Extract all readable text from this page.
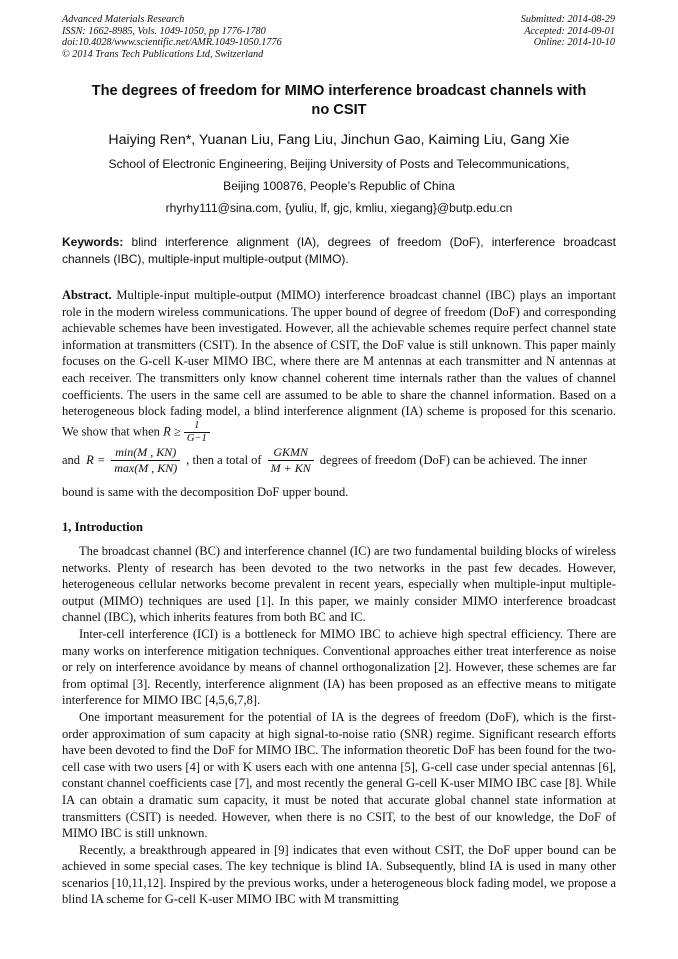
Advanced Materials Research
ISSN: 1662-8985, Vols. 1049-1050, pp 1776-1780
doi:10.4028/www.scientific.net/AMR.1049-1050.1776
© 2014 Trans Tech Publications Ltd, Switzerland
Submitted: 2014-08-29
Accepted: 2014-09-01
Online: 2014-10-10
The degrees of freedom for MIMO interference broadcast channels with
no CSIT
Haiying Ren*, Yuanan Liu, Fang Liu, Jinchun Gao, Kaiming Liu, Gang Xie
School of Electronic Engineering, Beijing University of Posts and Telecommunications,
Beijing 100876, People’s Republic of China
rhyrhy111@sina.com, {yuliu, lf, gjc, kmliu, xiegang}@butp.edu.cn
Keywords: blind interference alignment (IA), degrees of freedom (DoF), interference broadcast channels (IBC), multiple-input multiple-output (MIMO).
Abstract. Multiple-input multiple-output (MIMO) interference broadcast channel (IBC) plays an important role in the modern wireless communications. The upper bound of degree of freedom (DoF) and corresponding achievable schemes have been investigated. However, all the achievable schemes require perfect channel state information at transmitters (CSIT). In the absence of CSIT, the DoF value is still unknown. This paper mainly focuses on the G-cell K-user MIMO IBC, where there are M antennas at each transmitter and N antennas at each receiver. The transmitters only know channel coherent time internals rather than the values of channel coefficients. The users in the same cell are assumed to be able to share the channel information. Based on a heterogeneous block fading model, a blind interference alignment (IA) scheme is proposed for this scenario. We show that when $R \ge \frac{1}{G-1}$
and $R = \frac{\min(M , KN)}{\max(M , KN)}$ , then a total of $\frac{\text{GKMN}}{M + KN}$ degrees of freedom (DoF) can be achieved. The inner
bound is same with the decomposition DoF upper bound.
1, Introduction

The broadcast channel (BC) and interference channel (IC) are two fundamental building blocks of wireless networks. Plenty of research has been devoted to the two networks in the past few decades. However, heterogeneous cellular networks become prevalent in recent years, especially when multiple-input multiple-output (MIMO) techniques are used [1]. In this paper, we mainly consider MIMO interference broadcast channel (IBC), which inherits features from both BC and IC.

Inter-cell interference (ICI) is a bottleneck for MIMO IBC to achieve high spectral efficiency. There are many works on interference mitigation techniques. Conventional approaches either treat interference as noise or rely on interference avoidance by means of channel orthogonalization [2]. However, these schemes are far from optimal [3]. Recently, interference alignment (IA) has been proposed as an effective means to mitigate interference for MIMO IBC [4,5,6,7,8].

One important measurement for the potential of IA is the degrees of freedom (DoF), which is the first-order approximation of sum capacity at high signal-to-noise ratio (SNR) regime. Significant research efforts have been devoted to find the DoF for MIMO IBC. The information theoretic DoF has been found for the two-cell case with two users [4] or with K users each with one antenna [5], G-cell case under special antennas [6], constant channel coefficients case [7], and most recently the general G-cell K-user MIMO IBC case [8]. While IA can obtain a dramatic sum capacity, it must be noted that accurate global channel state information at transmitters (CSIT) is needed. However, when there is no CSIT, to the best of our knowledge, the DoF of MIMO IBC is still unknown.

Recently, a breakthrough appeared in [9] indicates that even without CSIT, the DoF upper bound can be achieved in some special cases. The key technique is blind IA. Subsequently, blind IA is used in many other scenarios [10,11,12]. Inspired by the previous works, under a heterogeneous block fading model, we propose a blind IA scheme for G-cell K-user MIMO IBC with M transmitting
